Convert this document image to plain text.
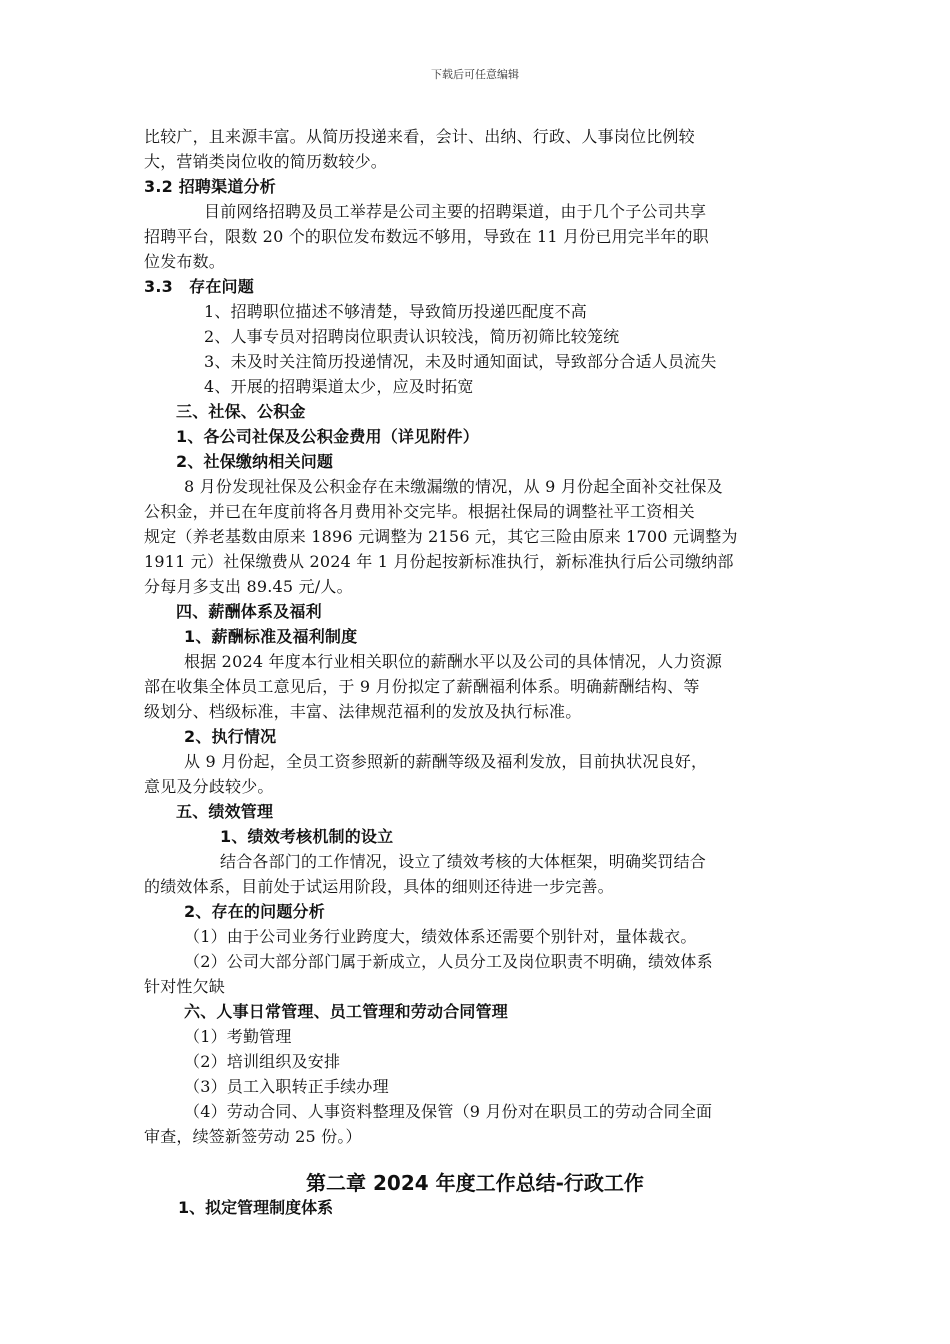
下载后可任意编辑
比较广，且来源丰富。从简历投递来看，会计、出纳、行政、人事岗位比例较
大，营销类岗位收的简历数较少。
3.2 招聘渠道分析
目前网络招聘及员工举荐是公司主要的招聘渠道，由于几个子公司共享
招聘平台，限数 20 个的职位发布数远不够用，导致在 11 月份已用完半年的职
位发布数。
3.3　存在问题
1、招聘职位描述不够清楚，导致简历投递匹配度不高
2、人事专员对招聘岗位职责认识较浅，简历初筛比较笼统
3、未及时关注简历投递情况，未及时通知面试，导致部分合适人员流失
4、开展的招聘渠道太少，应及时拓宽
三、社保、公积金
1、各公司社保及公积金费用（详见附件）
2、社保缴纳相关问题
8 月份发现社保及公积金存在未缴漏缴的情况，从 9 月份起全面补交社保及
公积金，并已在年度前将各月费用补交完毕。根据社保局的调整社平工资相关
规定（养老基数由原来 1896 元调整为 2156 元，其它三险由原来 1700 元调整为
1911 元）社保缴费从 2024 年 1 月份起按新标准执行，新标准执行后公司缴纳部
分每月多支出 89.45 元/人。
四、薪酬体系及福利
1、薪酬标准及福利制度
根据 2024 年度本行业相关职位的薪酬水平以及公司的具体情况，人力资源
部在收集全体员工意见后，于 9 月份拟定了薪酬福利体系。明确薪酬结构、等
级划分、档级标准，丰富、法律规范福利的发放及执行标准。
2、执行情况
从 9 月份起，全员工资参照新的薪酬等级及福利发放，目前执状况良好，
意见及分歧较少。
五、绩效管理
1、绩效考核机制的设立
结合各部门的工作情况，设立了绩效考核的大体框架，明确奖罚结合
的绩效体系，目前处于试运用阶段，具体的细则还待进一步完善。
2、存在的问题分析
（1）由于公司业务行业跨度大，绩效体系还需要个别针对，量体裁衣。
（2）公司大部分部门属于新成立，人员分工及岗位职责不明确，绩效体系
针对性欠缺
六、人事日常管理、员工管理和劳动合同管理
（1）考勤管理
（2）培训组织及安排
（3）员工入职转正手续办理
（4）劳动合同、人事资料整理及保管（9 月份对在职员工的劳动合同全面
审查，续签新签劳动 25 份。）
第二章 2024 年度工作总结-行政工作
1、拟定管理制度体系
